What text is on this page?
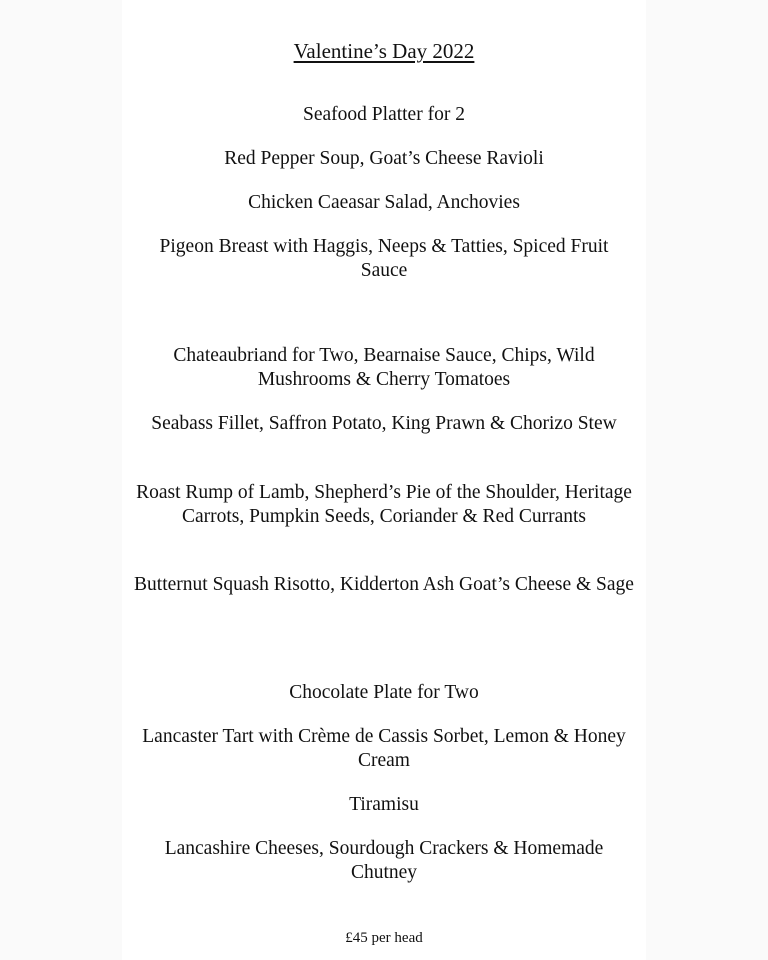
Valentine’s Day 2022

Seafood Platter for 2

Red Pepper Soup, Goat’s Cheese Ravioli

Chicken Caeasar Salad, Anchovies

Pigeon Breast with Haggis, Neeps & Tatties, Spiced Fruit Sauce

Chateaubriand for Two, Bearnaise Sauce, Chips, Wild Mushrooms & Cherry Tomatoes

Seabass Fillet, Saffron Potato, King Prawn & Chorizo Stew

Roast Rump of Lamb, Shepherd’s Pie of the Shoulder, Heritage Carrots, Pumpkin Seeds, Coriander & Red Currants

Butternut Squash Risotto, Kidderton Ash Goat’s Cheese & Sage

Chocolate Plate for Two

Lancaster Tart with Crème de Cassis Sorbet, Lemon & Honey Cream

Tiramisu

Lancashire Cheeses, Sourdough Crackers & Homemade Chutney

£45 per head
